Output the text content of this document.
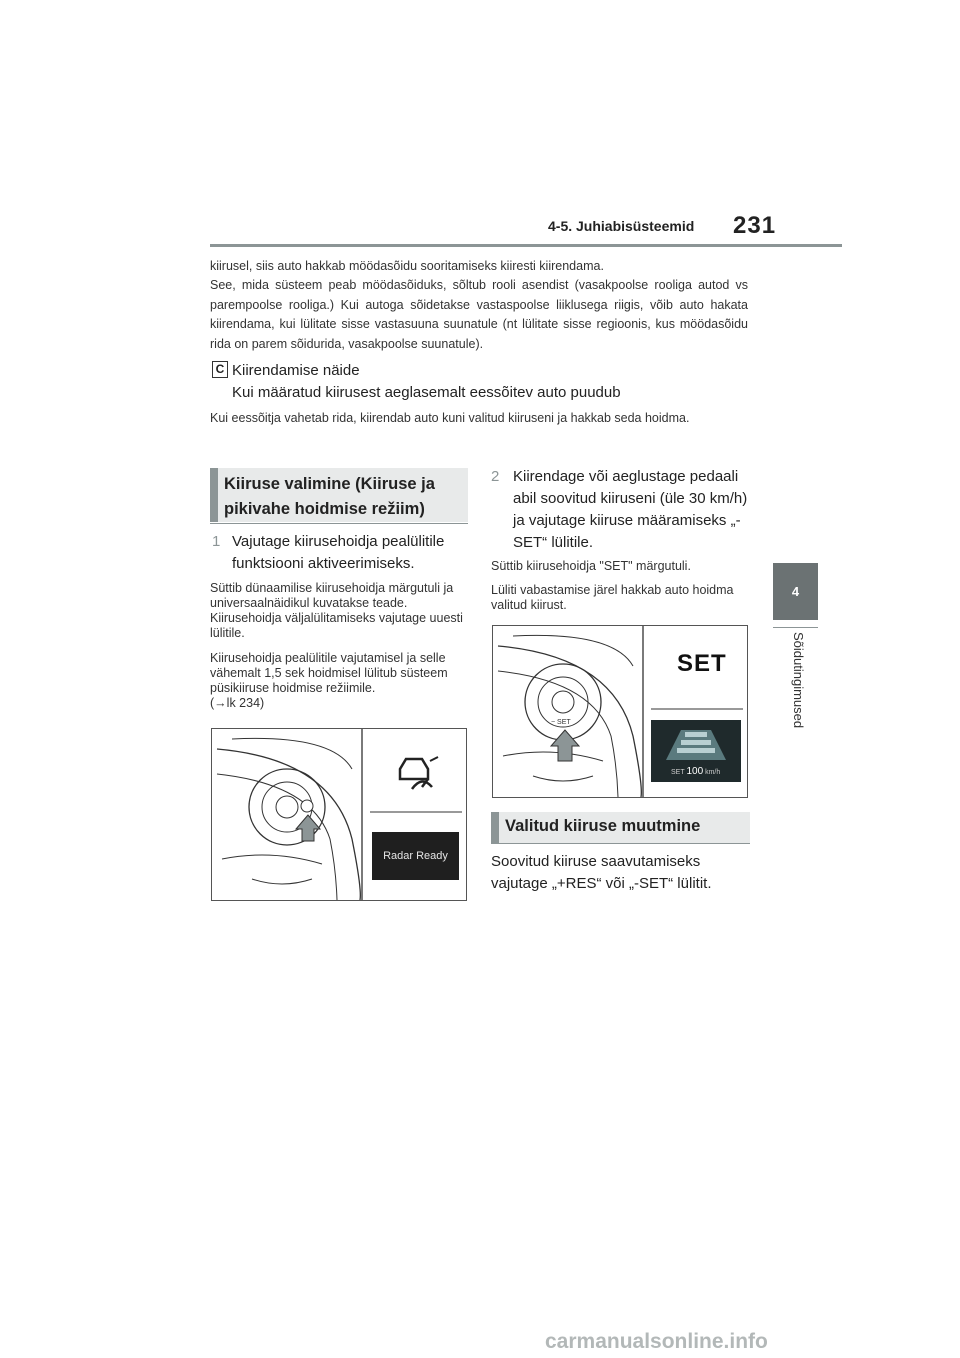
4-5. Juhiabisüsteemid 231
4
Sõidutingimused
kiirusel, siis auto hakkab möödasõidu sooritamiseks kiiresti kiirendama.
See, mida süsteem peab möödasõiduks, sõltub rooli asendist (vasakpoolse rooliga autod vs parempoolse rooliga.) Kui autoga sõidetakse vastaspoolse liiklusega riigis, võib auto hakata kiirendama, kui lülitate sisse vastasuuna suunatule (nt lülitate sisse regioonis, kus möödasõidu rida on parem sõidurida, vasakpoolse suunatule).
C Kiirendamise näide
Kui määratud kiirusest aeglasemalt eessõitev auto puudub
Kui eessõitja vahetab rida, kiirendab auto kuni valitud kiiruseni ja hakkab seda hoidma.
Kiiruse valimine (Kiiruse ja pikivahe hoidmise režiim)
1 Vajutage kiirusehoidja pealülitile funktsiooni aktiveerimiseks.
Süttib dünaamilise kiirusehoidja märgutuli ja universaalnäidikul kuvatakse teade. Kiirusehoidja väljalülitamiseks vajutage uuesti lülitile.
Kiirusehoidja pealülitile vajutamisel ja selle vähemalt 1,5 sek hoidmisel lülitub süsteem püsikiiruse hoidmise režiimile.
(→lk 234)
Radar Ready
2 Kiirendage või aeglustage pedaali abil soovitud kiiruseni (üle 30 km/h) ja vajutage kiiruse määramiseks „-SET“ lülitile.
Süttib kiirusehoidja "SET" märgutuli.
Lüliti vabastamise järel hakkab auto hoidma valitud kiirust.
− SET
SET
SET 100 km/h
Valitud kiiruse muutmine
Soovitud kiiruse saavutamiseks vajutage „+RES“ või „-SET“ lülitit.
carmanualsonline.info
